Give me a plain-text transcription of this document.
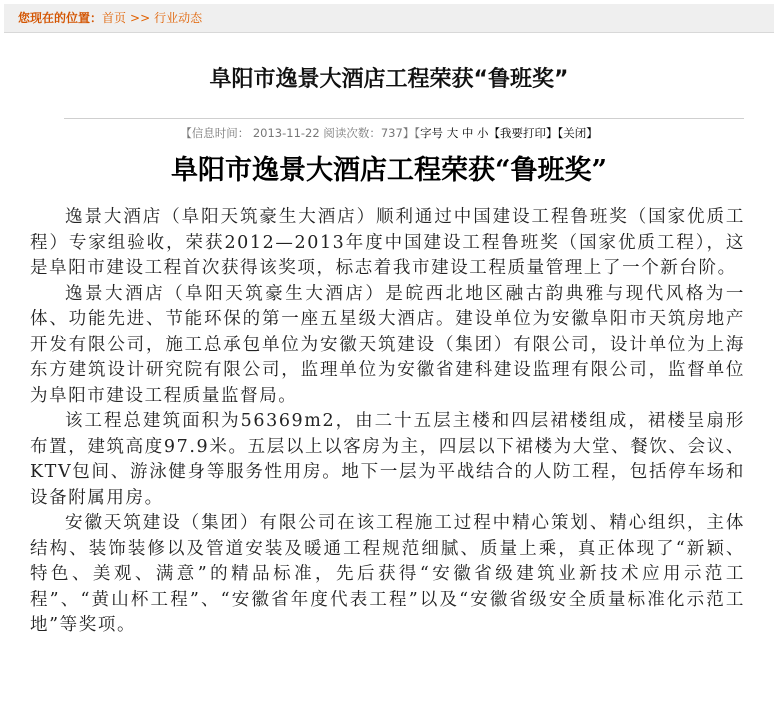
您现在的位置：首页 >> 行业动态
阜阳市逸景大酒店工程荣获“鲁班奖”
【信息时间： 2013-11-22 阅读次数：737】【字号 大 中 小【我要打印】【关闭】
阜阳市逸景大酒店工程荣获“鲁班奖”

逸景大酒店（阜阳天筑豪生大酒店）顺利通过中国建设工程鲁班奖（国家优质工程）专家组验收，荣获2012—2013年度中国建设工程鲁班奖（国家优质工程），这是阜阳市建设工程首次获得该奖项，标志着我市建设工程质量管理上了一个新台阶。

逸景大酒店（阜阳天筑豪生大酒店）是皖西北地区融古韵典雅与现代风格为一体、功能先进、节能环保的第一座五星级大酒店。建设单位为安徽阜阳市天筑房地产开发有限公司，施工总承包单位为安徽天筑建设（集团）有限公司，设计单位为上海东方建筑设计研究院有限公司，监理单位为安徽省建科建设监理有限公司，监督单位为阜阳市建设工程质量监督局。

该工程总建筑面积为56369m2，由二十五层主楼和四层裙楼组成，裙楼呈扇形布置，建筑高度97.9米。五层以上以客房为主，四层以下裙楼为大堂、餐饮、会议、KTV包间、游泳健身等服务性用房。地下一层为平战结合的人防工程，包括停车场和设备附属用房。

安徽天筑建设（集团）有限公司在该工程施工过程中精心策划、精心组织，主体结构、装饰装修以及管道安装及暖通工程规范细腻、质量上乘，真正体现了“新颖、特色、美观、满意”的精品标准，先后获得“安徽省级建筑业新技术应用示范工程”、“黄山杯工程”、“安徽省年度代表工程”以及“安徽省级安全质量标准化示范工地”等奖项。
